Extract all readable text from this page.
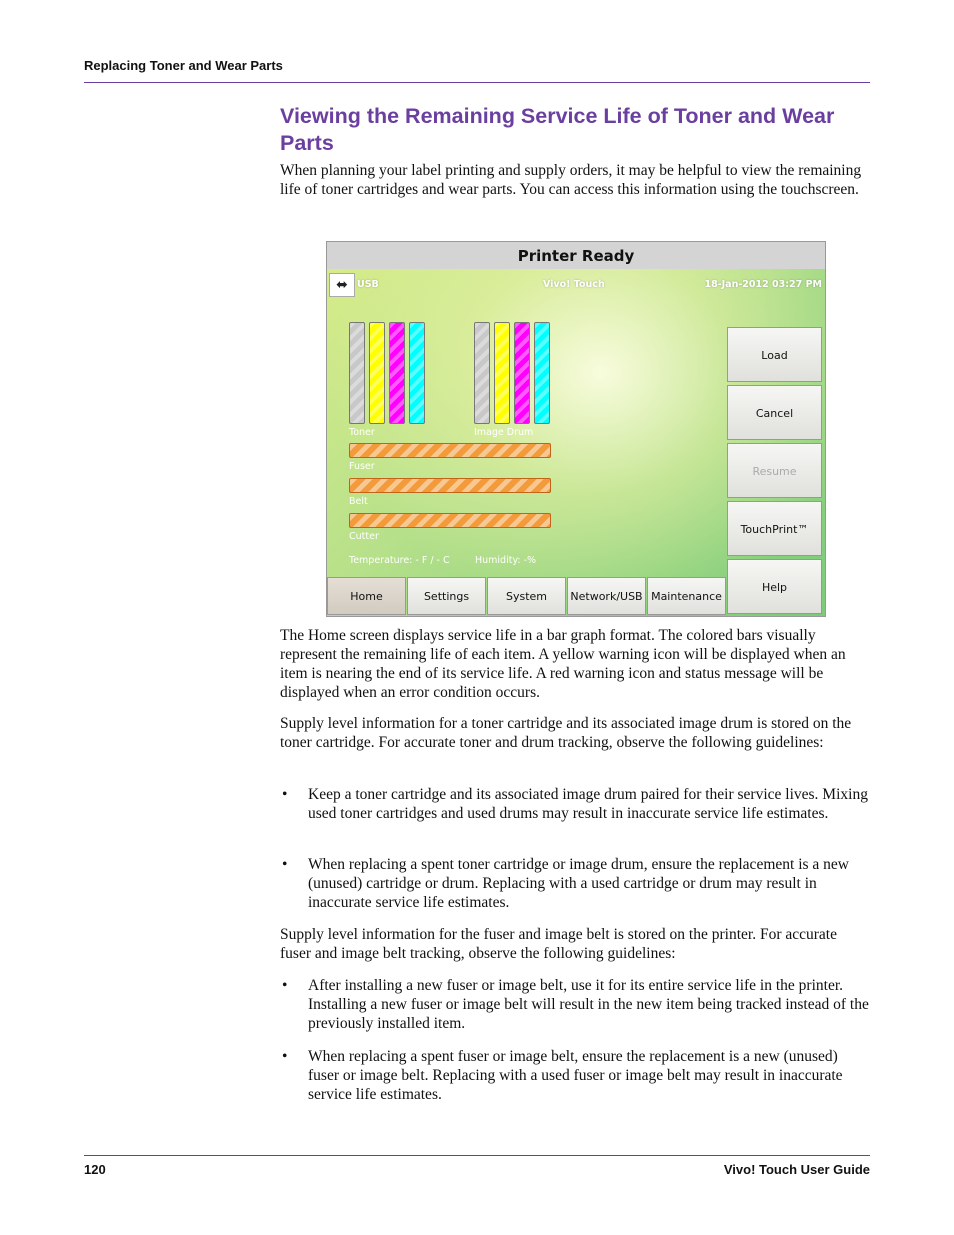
Replacing Toner and Wear Parts
Viewing the Remaining Service Life of Toner and Wear Parts

When planning your label printing and supply orders, it may be helpful to view the remaining life of toner cartridges and wear parts. You can access this information using the touchscreen.

Printer Ready
⬌ USB	Vivo! Touch	18-Jan-2012 03:27 PM
Toner	Image Drum
Fuser
Belt
Cutter
Temperature: - F / - C	Humidity: -%
Load
Cancel
Resume
TouchPrint™
Help
Home	Settings	System	Network/USB Maintenance

The Home screen displays service life in a bar graph format. The colored bars visually represent the remaining life of each item. A yellow warning icon will be displayed when an item is nearing the end of its service life. A red warning icon and status message will be displayed when an error condition occurs.

Supply level information for a toner cartridge and its associated image drum is stored on the toner cartridge. For accurate toner and drum tracking, observe the following guidelines:

• Keep a toner cartridge and its associated image drum paired for their service lives. Mixing used toner cartridges and used drums may result in inaccurate service life estimates.
• When replacing a spent toner cartridge or image drum, ensure the replacement is a new (unused) cartridge or drum. Replacing with a used cartridge or drum may result in inaccurate service life estimates.

Supply level information for the fuser and image belt is stored on the printer. For accurate fuser and image belt tracking, observe the following guidelines:

• After installing a new fuser or image belt, use it for its entire service life in the printer. Installing a new fuser or image belt will result in the new item being tracked instead of the previously installed item.
• When replacing a spent fuser or image belt, ensure the replacement is a new (unused) fuser or image belt. Replacing with a used fuser or image belt may result in inaccurate service life estimates.
120	Vivo! Touch User Guide
